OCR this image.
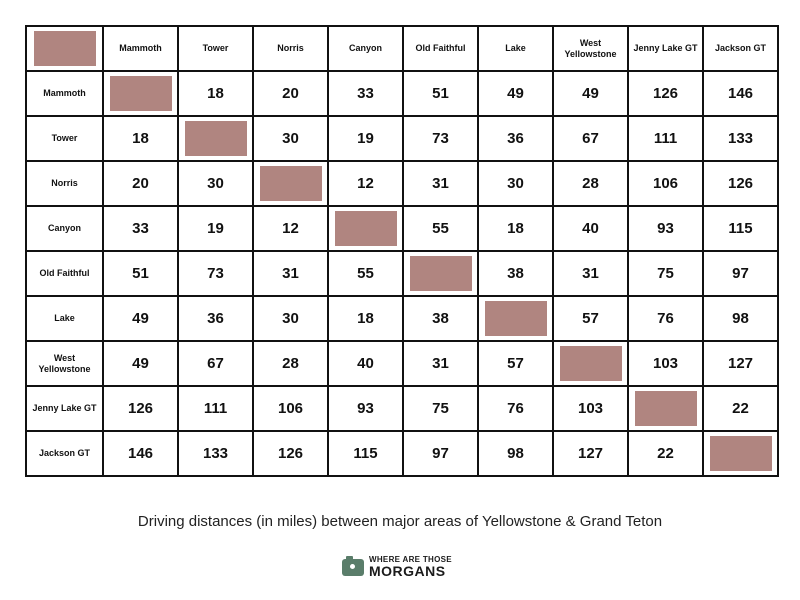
	Mammoth	Tower	Norris	Canyon	Old Faithful	Lake	West Yellowstone	Jenny Lake GT	Jackson GT
Mammoth		18	20	33	51	49	49	126	146
Tower	18		30	19	73	36	67	111	133
Norris	20	30		12	31	30	28	106	126
Canyon	33	19	12		55	18	40	93	115
Old Faithful	51	73	31	55		38	31	75	97
Lake	49	36	30	18	38		57	76	98
West Yellowstone	49	67	28	40	31	57		103	127
Jenny Lake GT	126	111	106	93	75	76	103		22
Jackson GT	146	133	126	115	97	98	127	22	
Driving distances (in miles) between major areas of Yellowstone & Grand Teton
WHERE ARE THOSE
MORGANS
